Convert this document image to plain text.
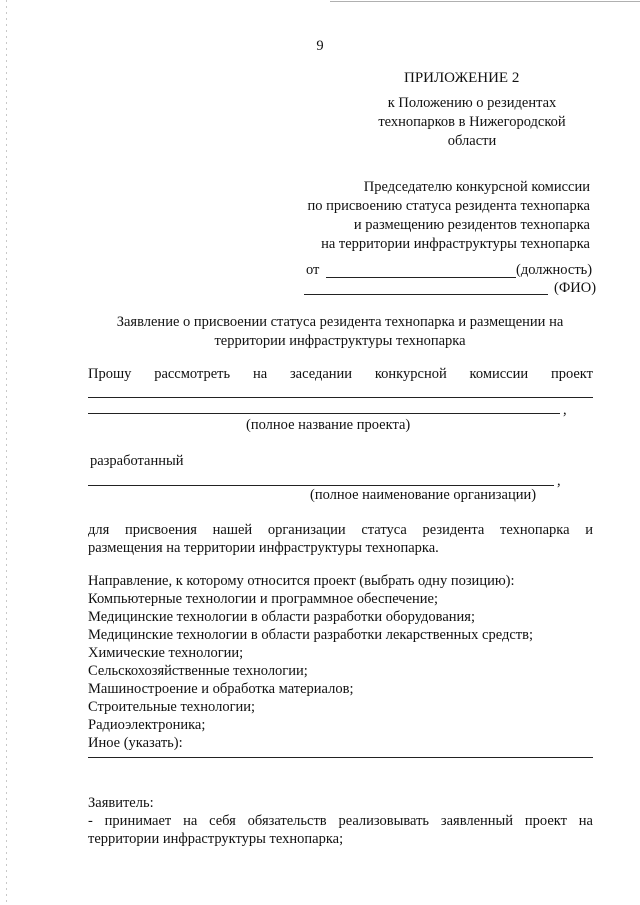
9
ПРИЛОЖЕНИЕ 2
к Положению о резидентах
технопарков в Нижегородской
области
Председателю конкурсной комиссии
по присвоению статуса резидента технопарка
и размещению резидентов технопарка
на территории инфраструктуры технопарка
от	(должность)
(ФИО)
Заявление о присвоении статуса резидента технопарка и размещении на
территории инфраструктуры технопарка
Прошу рассмотреть на заседании конкурсной комиссии проект
,
(полное название проекта)
разработанный
,
(полное наименование организации)
для присвоения нашей организации статуса резидента технопарка и
размещения на территории инфраструктуры технопарка.
Направление, к которому относится проект (выбрать одну позицию):
Компьютерные технологии и программное обеспечение;
Медицинские технологии в области разработки оборудования;
Медицинские технологии в области разработки лекарственных средств;
Химические технологии;
Сельскохозяйственные технологии;
Машиностроение и обработка материалов;
Строительные технологии;
Радиоэлектроника;
Иное (указать):
Заявитель:
- принимает на себя обязательств реализовывать заявленный проект на
территории инфраструктуры технопарка;
